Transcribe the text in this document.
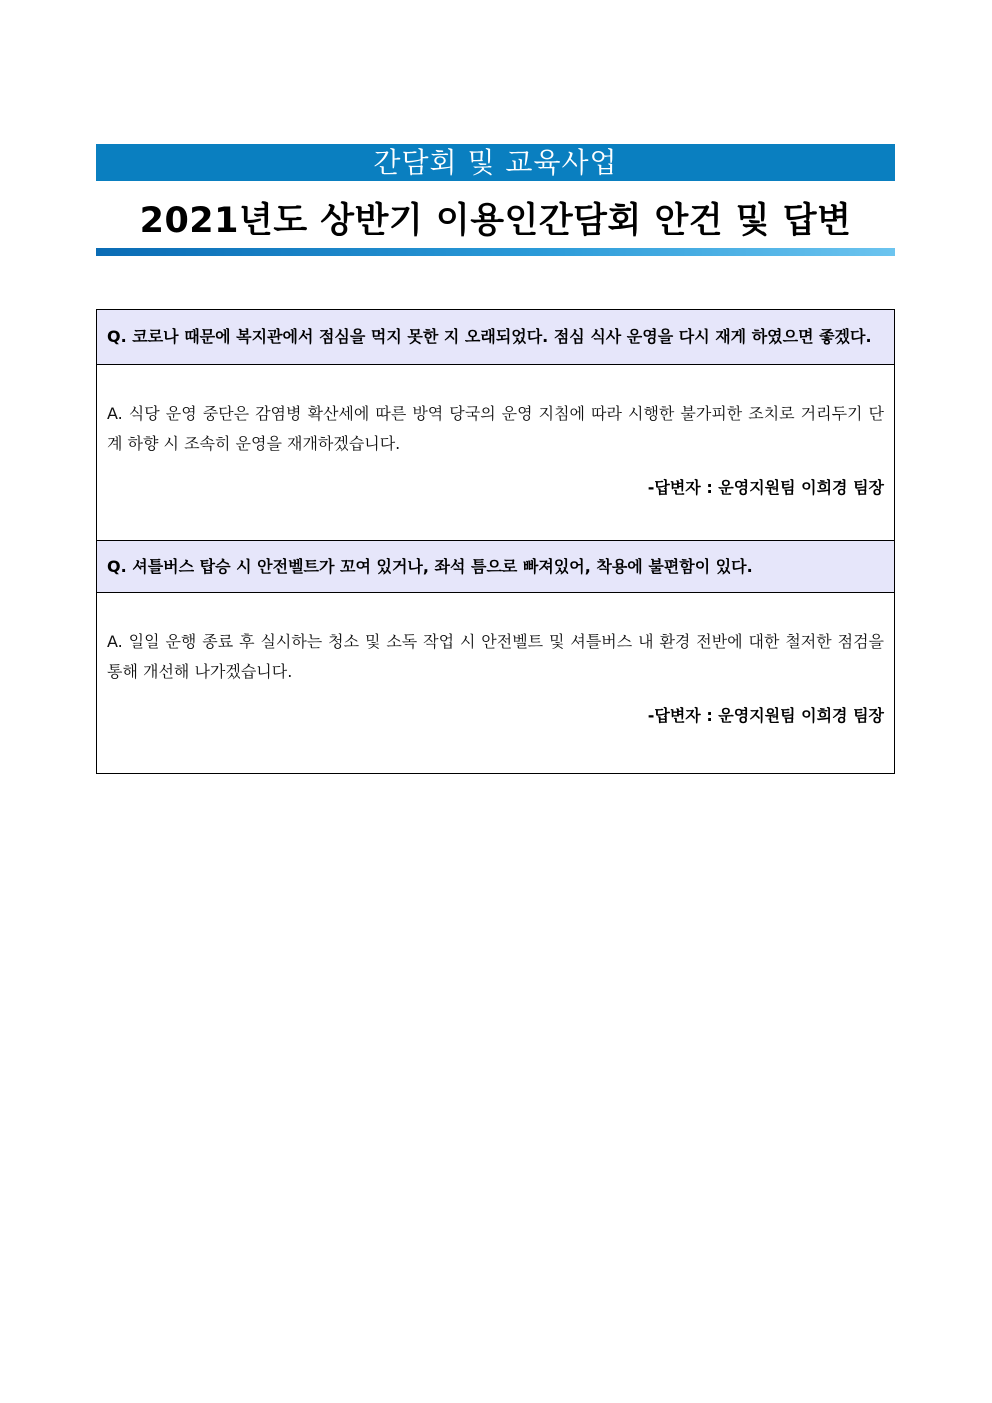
간담회 및 교육사업
2021년도 상반기 이용인간담회 안건 및 답변
Q. 코로나 때문에 복지관에서 점심을 먹지 못한 지 오래되었다. 점심 식사 운영을 다시 재게 하였으면 좋겠다.
A. 식당 운영 중단은 감염병 확산세에 따른 방역 당국의 운영 지침에 따라 시행한 불가피한 조치로 거리두기 단계 하향 시 조속히 운영을 재개하겠습니다.
-답변자 : 운영지원팀 이희경 팀장
Q. 셔틀버스 탑승 시 안전벨트가 꼬여 있거나, 좌석 틈으로 빠져있어, 착용에 불편함이 있다.
A. 일일 운행 종료 후 실시하는 청소 및 소독 작업 시 안전벨트 및 셔틀버스 내 환경 전반에 대한 철저한 점검을 통해 개선해 나가겠습니다.
-답변자 : 운영지원팀 이희경 팀장
